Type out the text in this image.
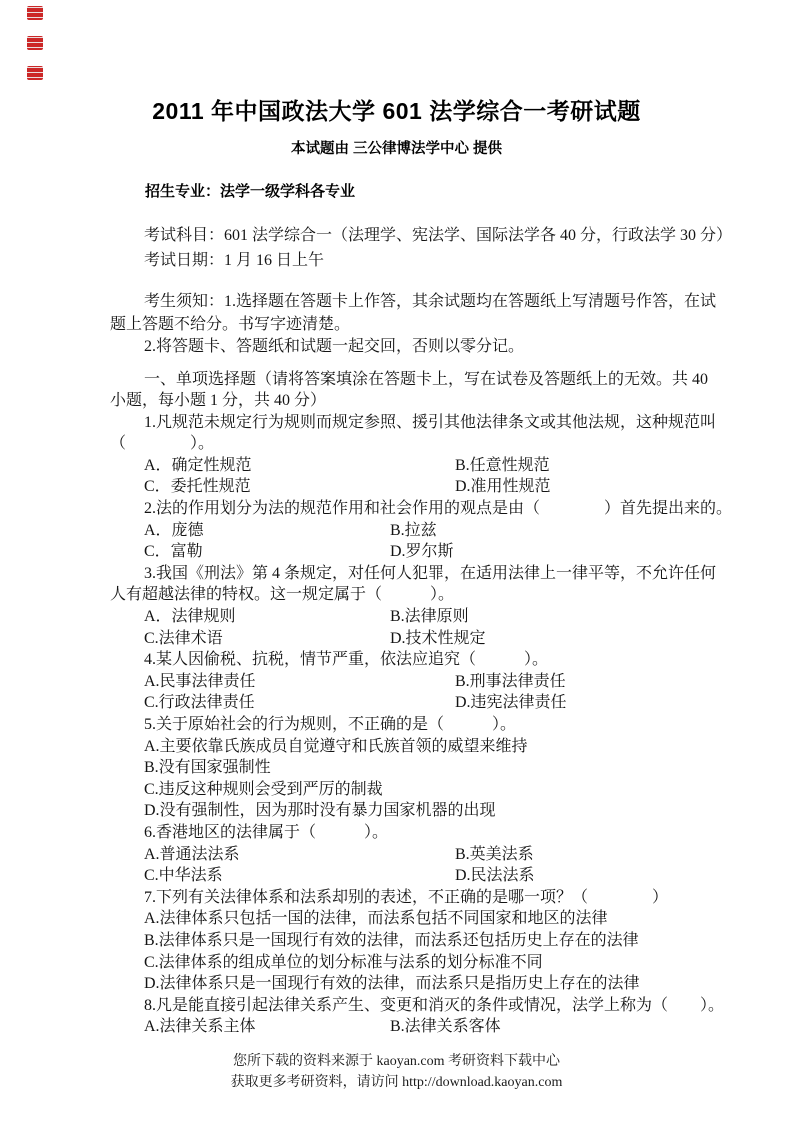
2011 年中国政法大学 601 法学综合一考研试题
本试题由 三公律博法学中心 提供
招生专业：法学一级学科各专业
考试科目：601 法学综合一（法理学、宪法学、国际法学各 40 分，行政法学 30 分）
考试日期：1 月 16 日上午
考生须知：1.选择题在答题卡上作答，其余试题均在答题纸上写清题号作答，在试
题上答题不给分。书写字迹清楚。
2.将答题卡、答题纸和试题一起交回，否则以零分记。
一、单项选择题（请将答案填涂在答题卡上，写在试卷及答题纸上的无效。共 40
小题，每小题 1 分，共 40 分）
1.凡规范未规定行为规则而规定参照、援引其他法律条文或其他法规，这种规范叫
（　　　　）。
A．确定性规范	B.任意性规范
C．委托性规范	D.准用性规范
2.法的作用划分为法的规范作用和社会作用的观点是由（　　　　）首先提出来的。
A．庞德	B.拉兹
C．富勒	D.罗尔斯
3.我国《刑法》第 4 条规定，对任何人犯罪，在适用法律上一律平等，不允许任何
人有超越法律的特权。这一规定属于（　　　）。
A．法律规则	B.法律原则
C.法律术语	D.技术性规定
4.某人因偷税、抗税，情节严重，依法应追究（　　　）。
A.民事法律责任	B.刑事法律责任
C.行政法律责任	D.违宪法律责任
5.关于原始社会的行为规则，不正确的是（　　　）。
A.主要依靠氏族成员自觉遵守和氏族首领的威望来维持
B.没有国家强制性
C.违反这种规则会受到严厉的制裁
D.没有强制性，因为那时没有暴力国家机器的出现
6.香港地区的法律属于（　　　）。
A.普通法法系	B.英美法系
C.中华法系	D.民法法系
7.下列有关法律体系和法系却别的表述，不正确的是哪一项？（　　　　）
A.法律体系只包括一国的法律，而法系包括不同国家和地区的法律
B.法律体系只是一国现行有效的法律，而法系还包括历史上存在的法律
C.法律体系的组成单位的划分标准与法系的划分标准不同
D.法律体系只是一国现行有效的法律，而法系只是指历史上存在的法律
8.凡是能直接引起法律关系产生、变更和消灭的条件或情况，法学上称为（　　）。
A.法律关系主体	B.法律关系客体
您所下载的资料来源于 kaoyan.com 考研资料下载中心
获取更多考研资料，请访问 http://download.kaoyan.com
